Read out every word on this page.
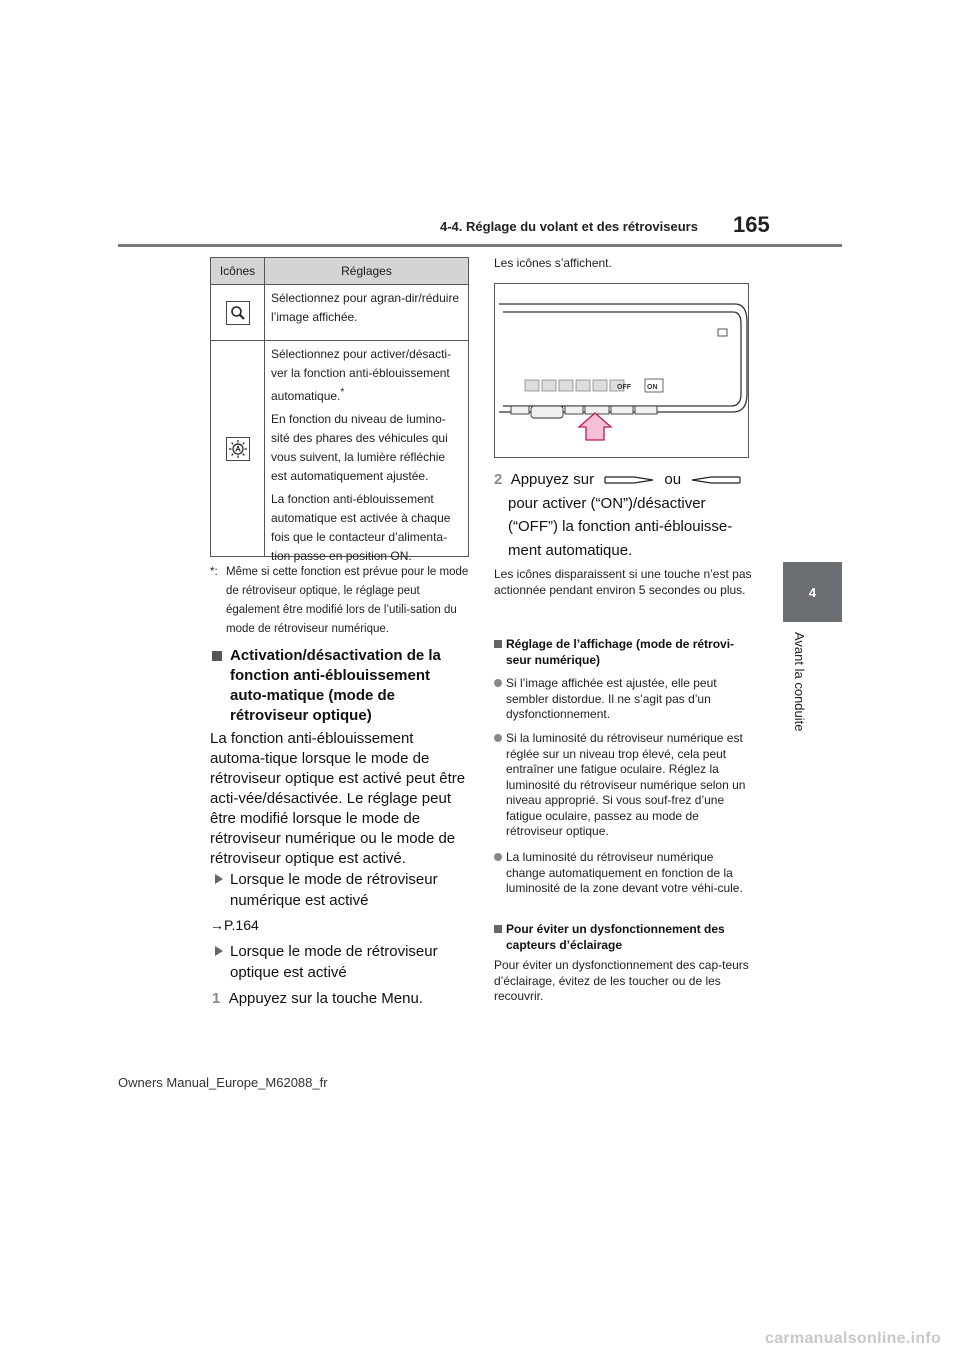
4-4. Réglage du volant et des rétroviseurs 165
4
Avant la conduite
Icônes	Réglages

Sélectionnez pour agran-dir/réduire l’image affichée.

Sélectionnez pour activer/désacti-ver la fonction anti-éblouissement automatique.*

En fonction du niveau de lumino-sité des phares des véhicules qui vous suivent, la lumière réfléchie est automatiquement ajustée.

La fonction anti-éblouissement automatique est activée à chaque fois que le contacteur d’alimenta-tion passe en position ON.

*: Même si cette fonction est prévue pour le mode de rétroviseur optique, le réglage peut également être modifié lors de l’utili-sation du mode de rétroviseur numérique.
Activation/désactivation de la fonction anti-éblouissement auto-matique (mode de rétroviseur optique)
La fonction anti-éblouissement automa-tique lorsque le mode de rétroviseur optique est activé peut être acti-vée/désactivée. Le réglage peut être modifié lorsque le mode de rétroviseur numérique ou le mode de rétroviseur optique est activé.
Lorsque le mode de rétroviseur numérique est activé
→P.164
Lorsque le mode de rétroviseur optique est activé
1 Appuyez sur la touche Menu.
Les icônes s’affichent.
OFF ON
2 Appuyez sur	ou
pour activer (“ON”)/désactiver
(“OFF”) la fonction anti-éblouisse-
ment automatique.
Les icônes disparaissent si une touche n’est pas actionnée pendant environ 5 secondes ou plus.
Réglage de l’affichage (mode de rétrovi-seur numérique)
Si l’image affichée est ajustée, elle peut sembler distordue. Il ne s’agit pas d’un dysfonctionnement.
Si la luminosité du rétroviseur numérique est réglée sur un niveau trop élevé, cela peut entraîner une fatigue oculaire. Réglez la luminosité du rétroviseur numérique selon un niveau approprié. Si vous souf-frez d’une fatigue oculaire, passez au mode de rétroviseur optique.
La luminosité du rétroviseur numérique change automatiquement en fonction de la luminosité de la zone devant votre véhi-cule.
Pour éviter un dysfonctionnement des capteurs d’éclairage
Pour éviter un dysfonctionnement des cap-teurs d’éclairage, évitez de les toucher ou de les recouvrir.
Owners Manual_Europe_M62088_fr
carmanualsonline.info
